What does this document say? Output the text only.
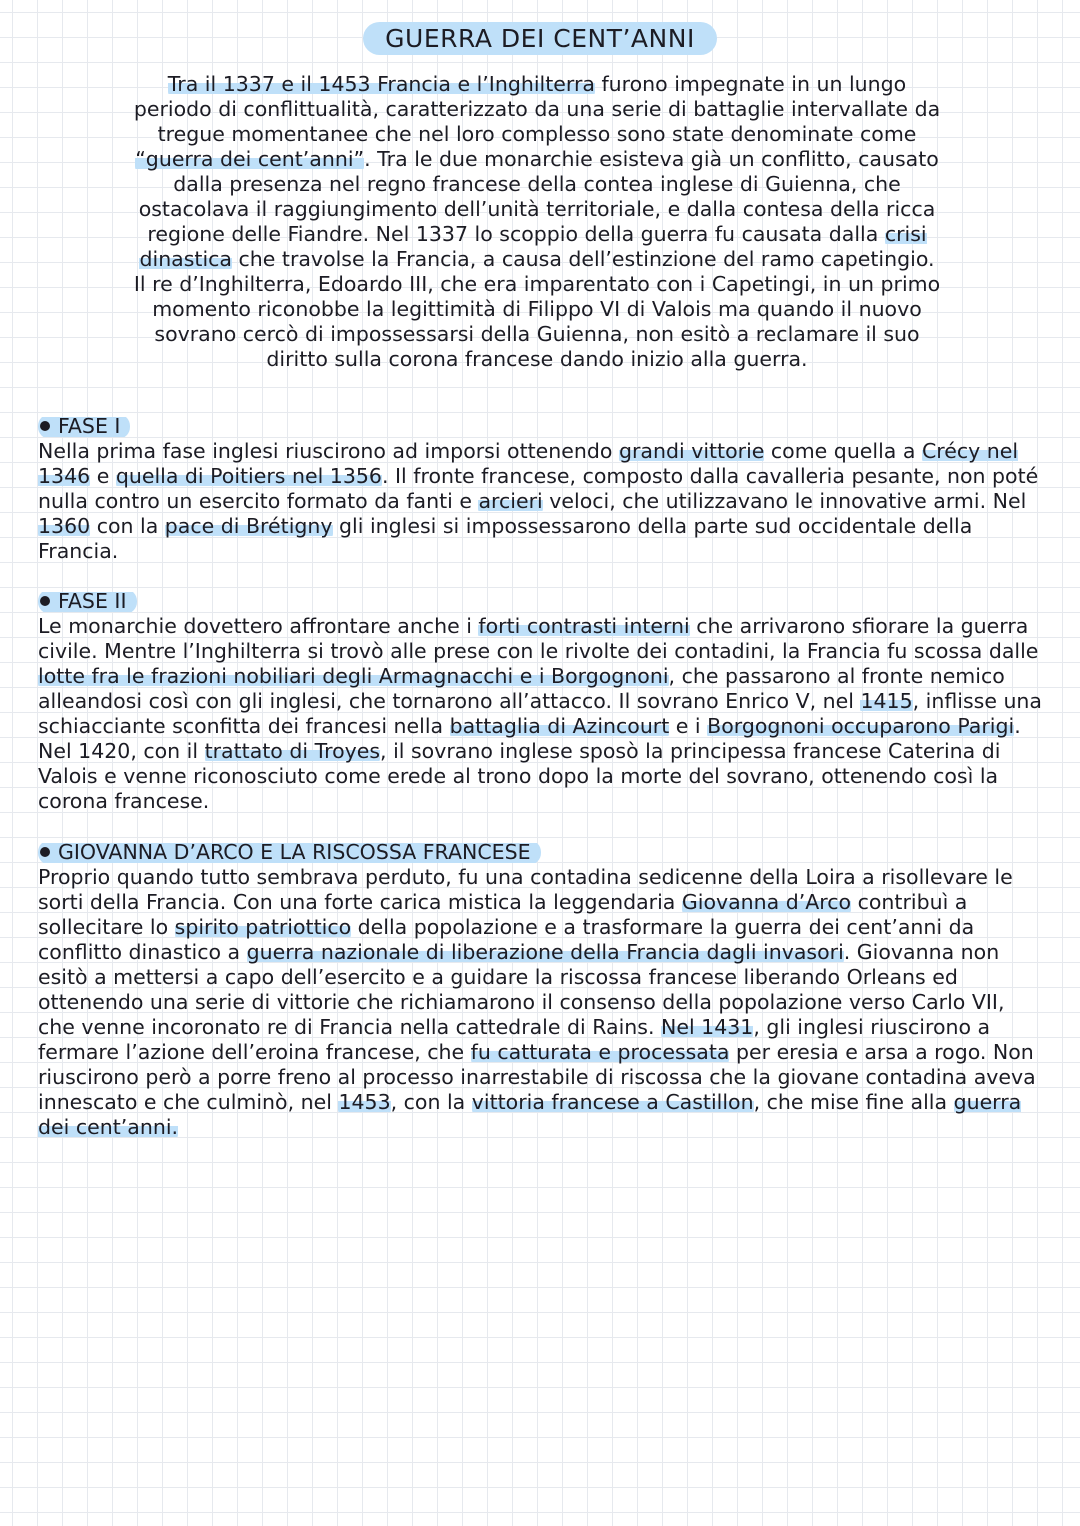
GUERRA DEI CENT’ANNI

Tra il 1337 e il 1453 Francia e l’Inghilterra furono impegnate in un lungo periodo di conflittualità, caratterizzato da una serie di battaglie intervallate da tregue momentanee che nel loro complesso sono state denominate come “guerra dei cent’anni”. Tra le due monarchie esisteva già un conflitto, causato dalla presenza nel regno francese della contea inglese di Guienna, che ostacolava il raggiungimento dell’unità territoriale, e dalla contesa della ricca regione delle Fiandre. Nel 1337 lo scoppio della guerra fu causata dalla crisi dinastica che travolse la Francia, a causa dell’estinzione del ramo capetingio. Il re d’Inghilterra, Edoardo III, che era imparentato con i Capetingi, in un primo momento riconobbe la legittimità di Filippo VI di Valois ma quando il nuovo sovrano cercò di impossessarsi della Guienna, non esitò a reclamare il suo diritto sulla corona francese dando inizio alla guerra.

FASE I

Nella prima fase inglesi riuscirono ad imporsi ottenendo grandi vittorie come quella a Crécy nel 1346 e quella di Poitiers nel 1356. Il fronte francese, composto dalla cavalleria pesante, non poté nulla contro un esercito formato da fanti e arcieri veloci, che utilizzavano le innovative armi. Nel 1360 con la pace di Brétigny gli inglesi si impossessarono della parte sud occidentale della Francia.

FASE II

Le monarchie dovettero affrontare anche i forti contrasti interni che arrivarono sfiorare la guerra civile. Mentre l’Inghilterra si trovò alle prese con le rivolte dei contadini, la Francia fu scossa dalle lotte fra le frazioni nobiliari degli Armagnacchi e i Borgognoni, che passarono al fronte nemico alleandosi così con gli inglesi, che tornarono all’attacco. Il sovrano Enrico V, nel 1415, inflisse una schiacciante sconfitta dei francesi nella battaglia di Azincourt e i Borgognoni occuparono Parigi. Nel 1420, con il trattato di Troyes, il sovrano inglese sposò la principessa francese Caterina di Valois e venne riconosciuto come erede al trono dopo la morte del sovrano, ottenendo così la corona francese.

GIOVANNA D’ARCO E LA RISCOSSA FRANCESE

Proprio quando tutto sembrava perduto, fu una contadina sedicenne della Loira a risollevare le sorti della Francia. Con una forte carica mistica la leggendaria Giovanna d’Arco contribuì a sollecitare lo spirito patriottico della popolazione e a trasformare la guerra dei cent’anni da conflitto dinastico a guerra nazionale di liberazione della Francia dagli invasori. Giovanna non esitò a mettersi a capo dell’esercito e a guidare la riscossa francese liberando Orleans ed ottenendo una serie di vittorie che richiamarono il consenso della popolazione verso Carlo VII, che venne incoronato re di Francia nella cattedrale di Rains. Nel 1431, gli inglesi riuscirono a fermare l’azione dell’eroina francese, che fu catturata e processata per eresia e arsa a rogo. Non riuscirono però a porre freno al processo inarrestabile di riscossa che la giovane contadina aveva innescato e che culminò, nel 1453, con la vittoria francese a Castillon, che mise fine alla guerra dei cent’anni.
